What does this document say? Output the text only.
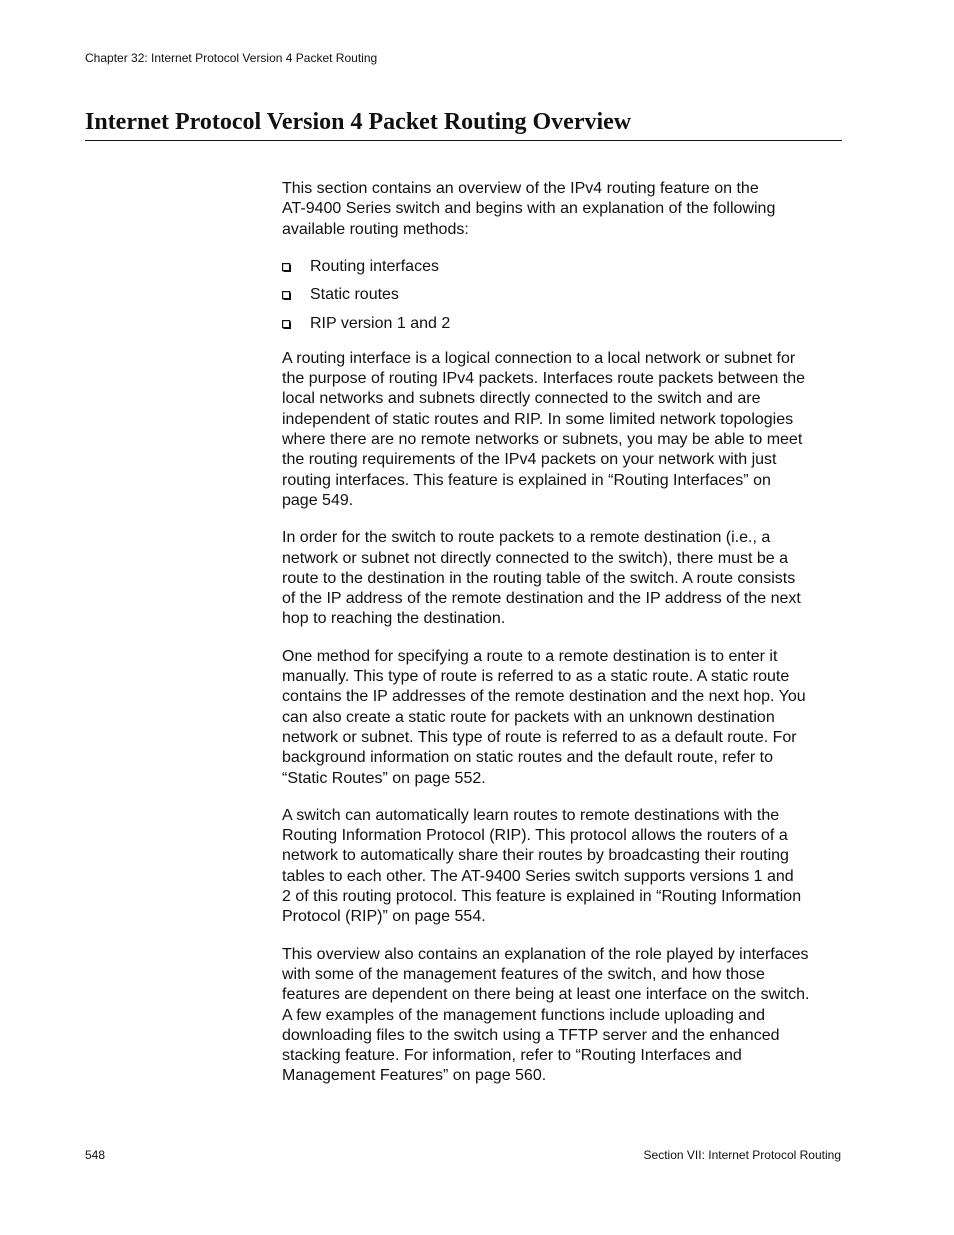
Chapter 32: Internet Protocol Version 4 Packet Routing
Internet Protocol Version 4 Packet Routing Overview

This section contains an overview of the IPv4 routing feature on the
AT-9400 Series switch and begins with an explanation of the following
available routing methods:

Routing interfaces
Static routes
RIP version 1 and 2

A routing interface is a logical connection to a local network or subnet for
the purpose of routing IPv4 packets. Interfaces route packets between the
local networks and subnets directly connected to the switch and are
independent of static routes and RIP. In some limited network topologies
where there are no remote networks or subnets, you may be able to meet
the routing requirements of the IPv4 packets on your network with just
routing interfaces. This feature is explained in “Routing Interfaces” on
page 549.

In order for the switch to route packets to a remote destination (i.e., a
network or subnet not directly connected to the switch), there must be a
route to the destination in the routing table of the switch. A route consists
of the IP address of the remote destination and the IP address of the next
hop to reaching the destination.

One method for specifying a route to a remote destination is to enter it
manually. This type of route is referred to as a static route. A static route
contains the IP addresses of the remote destination and the next hop. You
can also create a static route for packets with an unknown destination
network or subnet. This type of route is referred to as a default route. For
background information on static routes and the default route, refer to
“Static Routes” on page 552.

A switch can automatically learn routes to remote destinations with the
Routing Information Protocol (RIP). This protocol allows the routers of a
network to automatically share their routes by broadcasting their routing
tables to each other. The AT-9400 Series switch supports versions 1 and
2 of this routing protocol. This feature is explained in “Routing Information
Protocol (RIP)” on page 554.

This overview also contains an explanation of the role played by interfaces
with some of the management features of the switch, and how those
features are dependent on there being at least one interface on the switch.
A few examples of the management functions include uploading and
downloading files to the switch using a TFTP server and the enhanced
stacking feature. For information, refer to “Routing Interfaces and
Management Features” on page 560.

548	Section VII: Internet Protocol Routing
